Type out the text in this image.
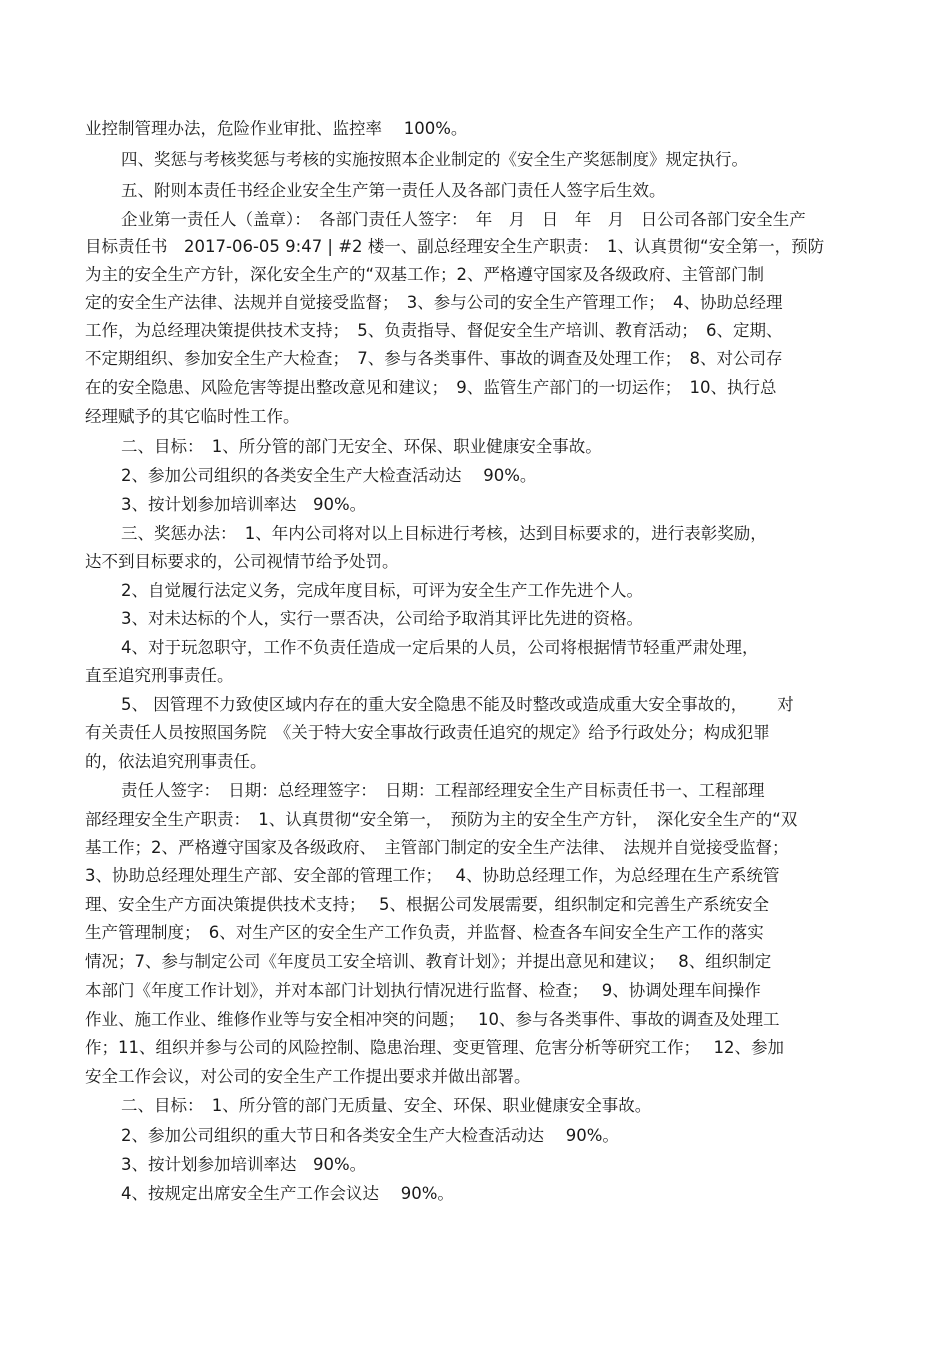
业控制管理办法，危险作业审批、监控率　 100%。
四、奖惩与考核奖惩与考核的实施按照本企业制定的《安全生产奖惩制度》规定执行。
五、附则本责任书经企业安全生产第一责任人及各部门责任人签字后生效。
企业第一责任人（盖章）：　各部门责任人签字：　年　月　日　年　月　日公司各部门安全生产
目标责任书　2017-06-05 9:47 | #2 楼一、副总经理安全生产职责：　1、认真贯彻“安全第一，预防
为主的安全生产方针，深化安全生产的“双基工作；2、严格遵守国家及各级政府、主管部门制
定的安全生产法律、法规并自觉接受监督；　3、参与公司的安全生产管理工作；　4、协助总经理
工作，为总经理决策提供技术支持；　5、负责指导、督促安全生产培训、教育活动；　6、定期、
不定期组织、参加安全生产大检查；　7、参与各类事件、事故的调查及处理工作；　8、对公司存
在的安全隐患、风险危害等提出整改意见和建议；　9、监管生产部门的一切运作；　10、执行总
经理赋予的其它临时性工作。
二、目标：　1、所分管的部门无安全、环保、职业健康安全事故。
2、参加公司组织的各类安全生产大检查活动达　 90%。
3、按计划参加培训率达　90%。
三、奖惩办法：　1、年内公司将对以上目标进行考核，达到目标要求的，进行表彰奖励，
达不到目标要求的，公司视情节给予处罚。
2、自觉履行法定义务，完成年度目标，可评为安全生产工作先进个人。
3、对未达标的个人，实行一票否决，公司给予取消其评比先进的资格。
4、对于玩忽职守，工作不负责任造成一定后果的人员，公司将根据情节轻重严肃处理，
直至追究刑事责任。
5、 因管理不力致使区域内存在的重大安全隐患不能及时整改或造成重大安全事故的，　　 对
有关责任人员按照国务院　《关于特大安全事故行政责任追究的规定》给予行政处分；构成犯罪
的，依法追究刑事责任。
责任人签字：　日期：总经理签字：　日期：工程部经理安全生产目标责任书一、工程部理
部经理安全生产职责：　1、认真贯彻“安全第一，　预防为主的安全生产方针，　深化安全生产的“双
基工作；2、严格遵守国家及各级政府、　主管部门制定的安全生产法律、　法规并自觉接受监督；
3、协助总经理处理生产部、安全部的管理工作；　 4、协助总经理工作，为总经理在生产系统管
理、安全生产方面决策提供技术支持；　 5、根据公司发展需要，组织制定和完善生产系统安全
生产管理制度；　6、对生产区的安全生产工作负责，并监督、检查各车间安全生产工作的落实
情况；7、参与制定公司《年度员工安全培训、教育计划》；并提出意见和建议；　 8、组织制定
本部门《年度工作计划》，并对本部门计划执行情况进行监督、检查；　 9、协调处理车间操作
作业、施工作业、维修作业等与安全相冲突的问题；　 10、参与各类事件、事故的调查及处理工
作；11、组织并参与公司的风险控制、隐患治理、变更管理、危害分析等研究工作；　 12、参加
安全工作会议，对公司的安全生产工作提出要求并做出部署。
二、目标：　1、所分管的部门无质量、安全、环保、职业健康安全事故。
2、参加公司组织的重大节日和各类安全生产大检查活动达　 90%。
3、按计划参加培训率达　90%。
4、按规定出席安全生产工作会议达　 90%。
